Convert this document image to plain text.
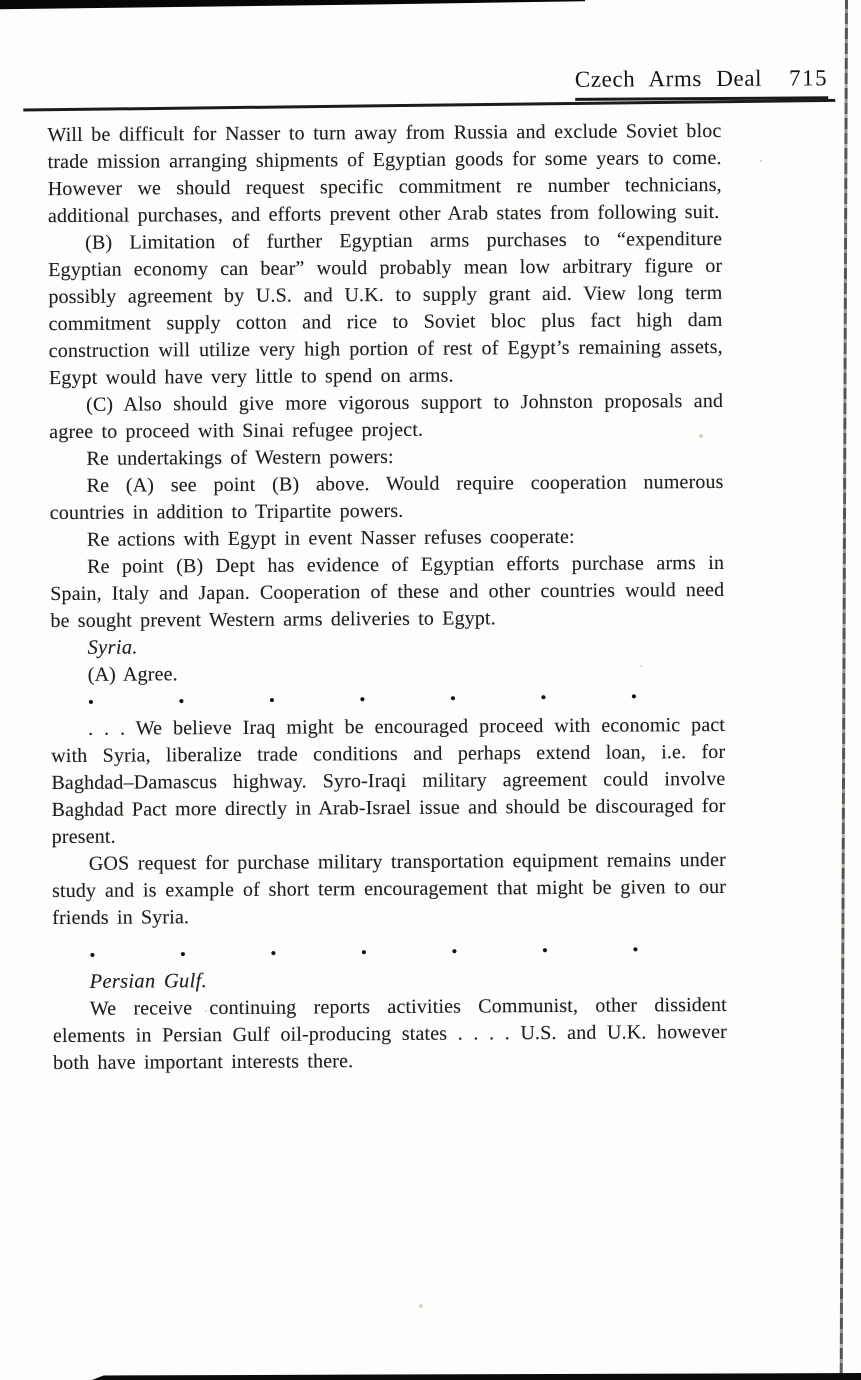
Czech Arms Deal 715

Will be difficult for Nasser to turn away from Russia and exclude Soviet bloc trade mission arranging shipments of Egyptian goods for some years to come. However we should request specific commitment re number technicians, additional purchases, and efforts prevent other Arab states from following suit.

(B) Limitation of further Egyptian arms purchases to “expenditure Egyptian economy can bear” would probably mean low arbitrary figure or possibly agreement by U.S. and U.K. to supply grant aid. View long term commitment supply cotton and rice to Soviet bloc plus fact high dam construction will utilize very high portion of rest of Egypt’s remaining assets, Egypt would have very little to spend on arms.

(C) Also should give more vigorous support to Johnston proposals and agree to proceed with Sinai refugee project.

Re undertakings of Western powers:

Re (A) see point (B) above. Would require cooperation numerous countries in addition to Tripartite powers.

Re actions with Egypt in event Nasser refuses cooperate:

Re point (B) Dept has evidence of Egyptian efforts purchase arms in Spain, Italy and Japan. Cooperation of these and other countries would need be sought prevent Western arms deliveries to Egypt.

Syria.

(A) Agree.

• • • • • • •

. . . We believe Iraq might be encouraged proceed with economic pact with Syria, liberalize trade conditions and perhaps extend loan, i.e. for Baghdad–Damascus highway. Syro-Iraqi military agreement could involve Baghdad Pact more directly in Arab-Israel issue and should be discouraged for present.

GOS request for purchase military transportation equipment remains under study and is example of short term encouragement that might be given to our friends in Syria.

• • • • • • •

Persian Gulf.

We receive continuing reports activities Communist, other dissident elements in Persian Gulf oil-producing states . . . . U.S. and U.K. however both have important interests there.
